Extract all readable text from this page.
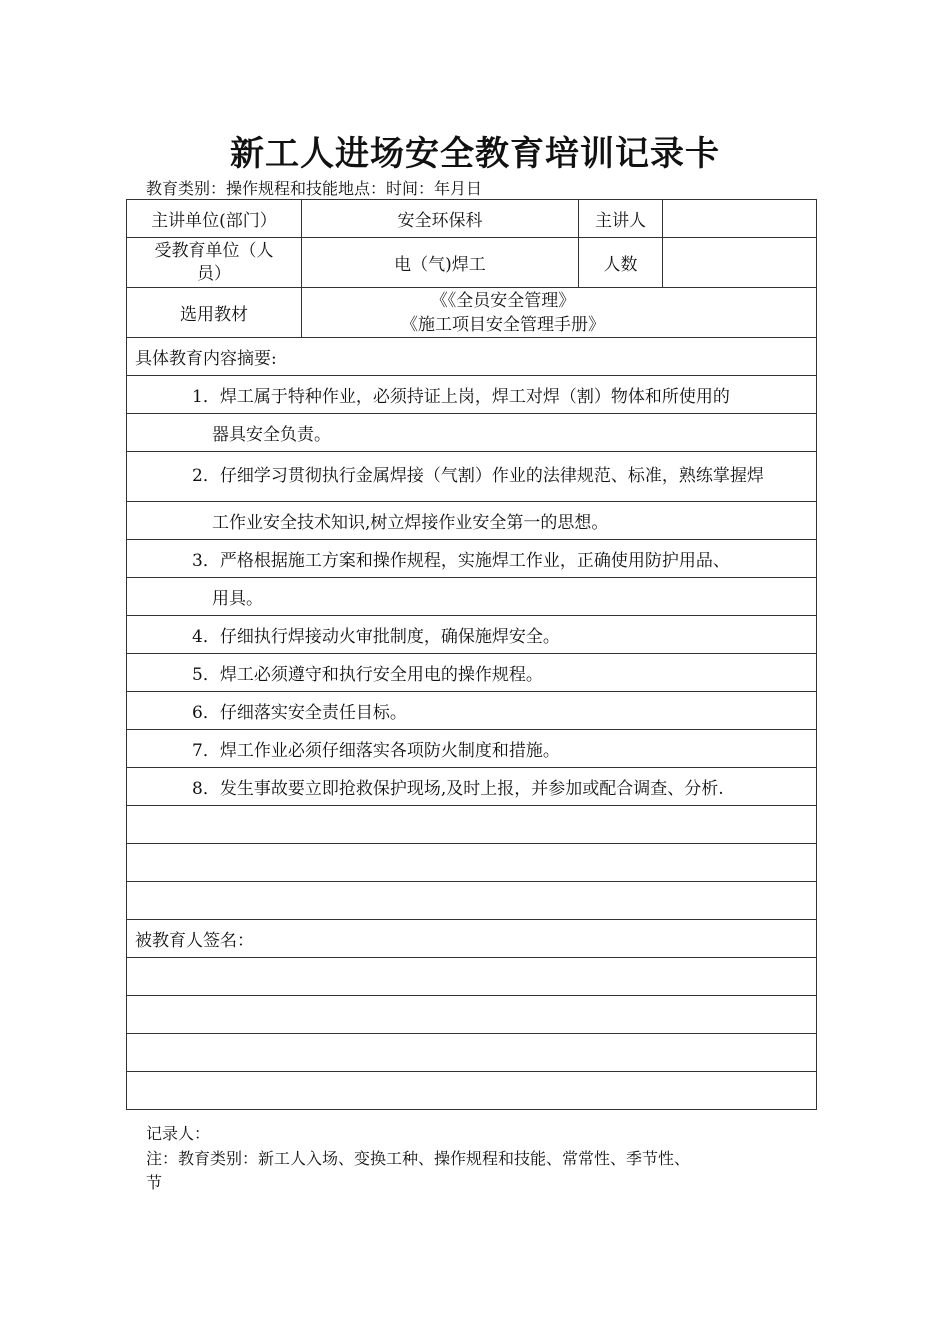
新工人进场安全教育培训记录卡
教育类别：操作规程和技能地点：时间：年月日
主讲单位(部门）	安全环保科	主讲人	
受教育单位（人员）	电（气)焊工	人数	
选用教材	《《全员安全管理》
《施工项目安全管理手册》		

具体教育内容摘要:			
1．焊工属于特种作业，必须持证上岗，焊工对焊（割）物体和所使用的			
器具安全负责。			
2．仔细学习贯彻执行金属焊接（气割）作业的法律规范、标准，熟练掌握焊			
工作业安全技术知识,树立焊接作业安全第一的思想。			
3．严格根据施工方案和操作规程，实施焊工作业，正确使用防护用品、			
用具。			
4．仔细执行焊接动火审批制度，确保施焊安全。			
5．焊工必须遵守和执行安全用电的操作规程。			
6．仔细落实安全责任目标。			
7．焊工作业必须仔细落实各项防火制度和措施。			
8．发生事故要立即抢救保护现场,及时上报，并参加或配合调查、分析.			

被教育人签名：			

记录人：
注：教育类别：新工人入场、变换工种、操作规程和技能、常常性、季节性、
节
